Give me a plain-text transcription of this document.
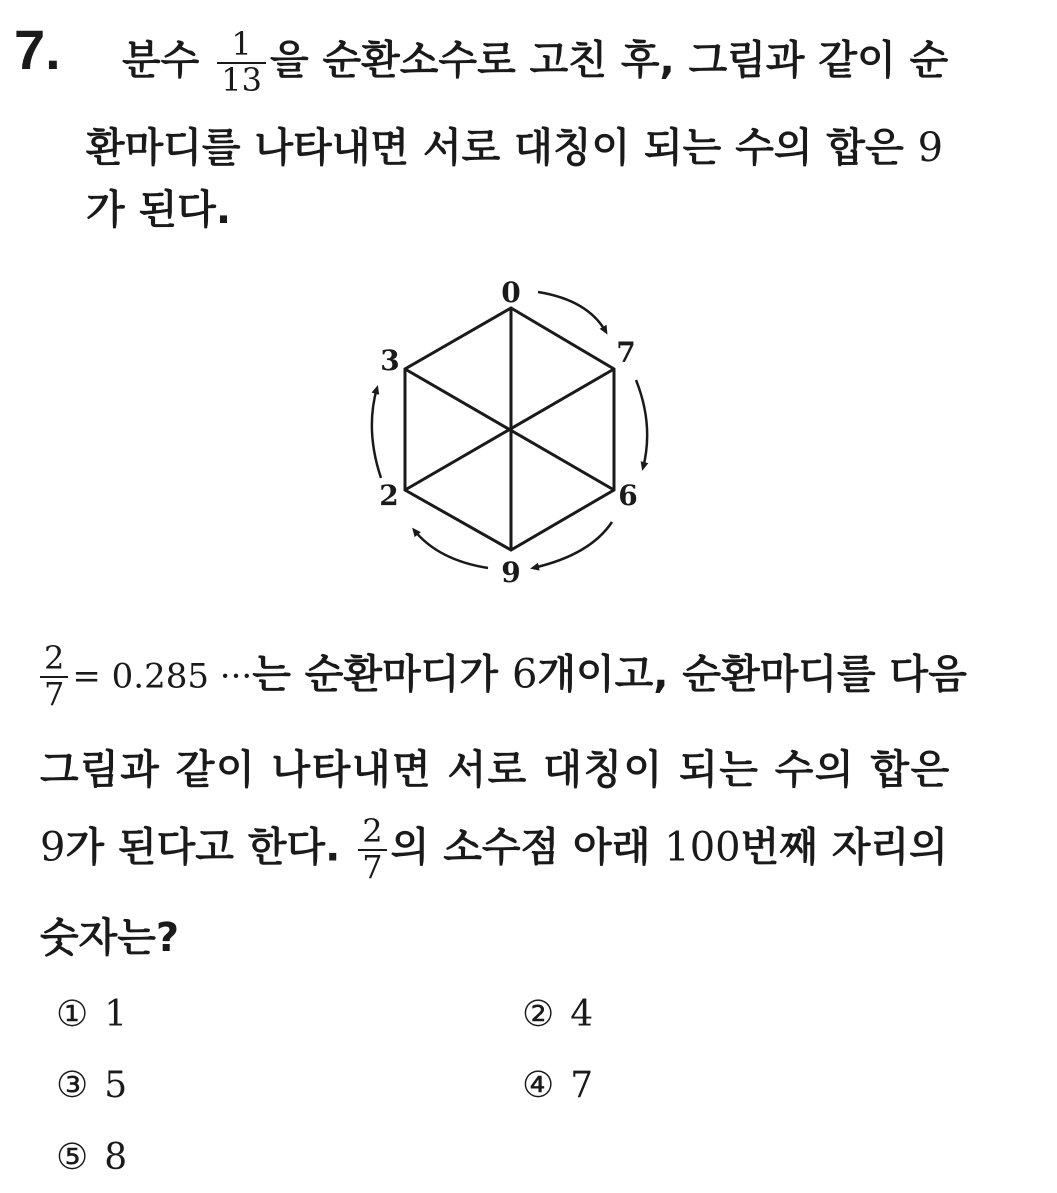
7. 분수 $\frac{1}{13}$ 을 순환소수로 고친 후, 그림과 같이 순
환마디를 나타내면 서로 대칭이 되는 수의 합은 9
가 된다.
0
7
6
9
2
3
$\frac{2}{7} = 0.285$ ···는 순환마디가 6개이고, 순환마디를 다음
그림과 같이 나타내면 서로 대칭이 되는 수의 합은
9가 된다고 한다. $\frac{2}{7}$ 의 소수점 아래 100번째 자리의
숫자는?
① 1	② 4
③ 5	④ 7
⑤ 8
